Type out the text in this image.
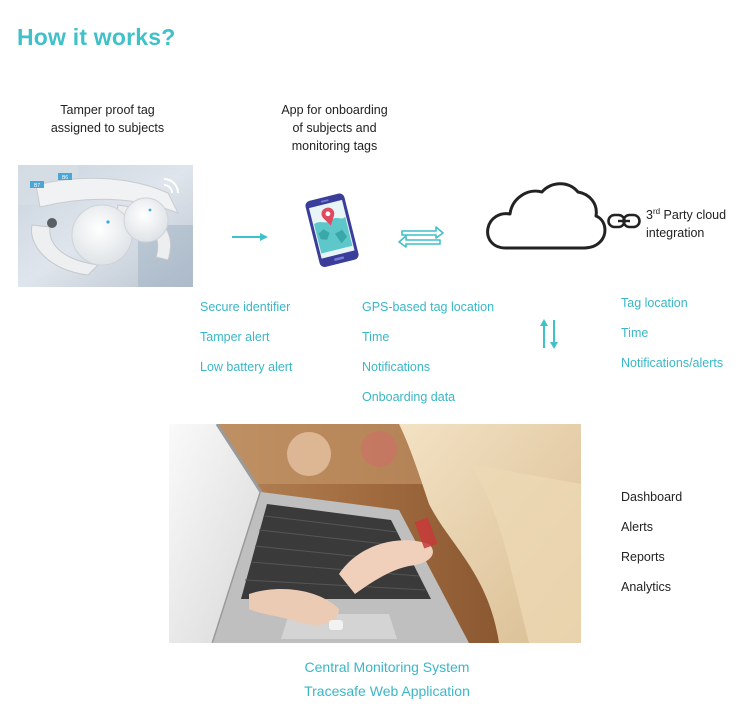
How it works?
Tamper proof tag
assigned to subjects
B7
B6
App for onboarding
of subjects and
monitoring tags
3rd Party cloud
integration
Secure identifier
Tamper alert
Low battery alert
GPS-based tag location
Time
Notifications
Onboarding data
Tag location
Time
Notifications/alerts
Dashboard
Alerts
Reports
Analytics
Central Monitoring System
Tracesafe Web Application
